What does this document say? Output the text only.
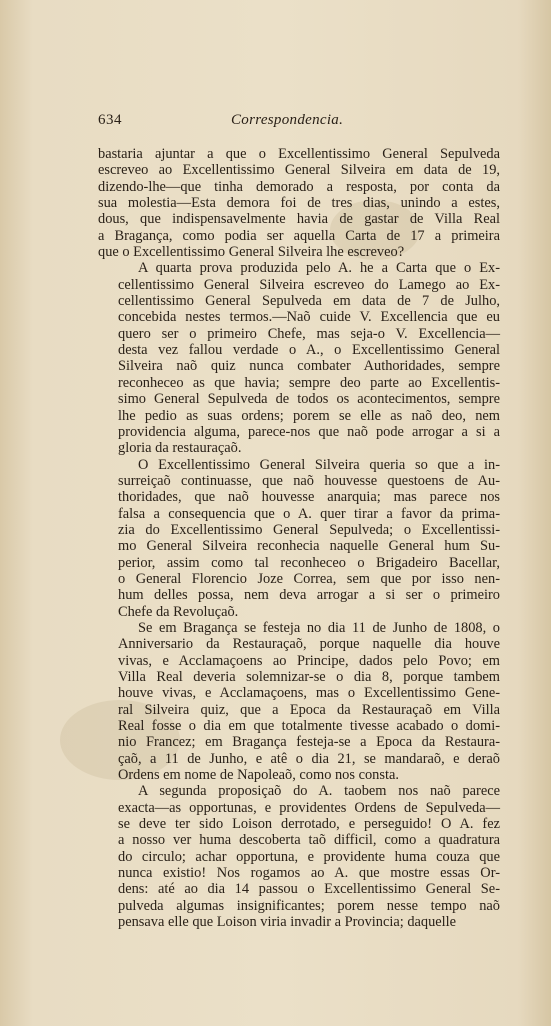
634	Correspondencia.

bastaria ajuntar a que o Excellentissimo General Sepulveda
escreveo ao Excellentissimo General Silveira em data de 19,
dizendo-lhe—que tinha demorado a resposta, por conta da
sua molestia—Esta demora foi de tres dias, unindo a estes,
dous, que indispensavelmente havia de gastar de Villa Real
a Bragança, como podia ser aquella Carta de 17 a primeira
que o Excellentissimo General Silveira lhe escreveo?

A quarta prova produzida pelo A. he a Carta que o Ex-
cellentissimo General Silveira escreveo do Lamego ao Ex-
cellentissimo General Sepulveda em data de 7 de Julho,
concebida nestes termos.—Naõ cuide V. Excellencia que eu
quero ser o primeiro Chefe, mas seja-o V. Excellencia—
desta vez fallou verdade o A., o Excellentissimo General
Silveira naõ quiz nunca combater Authoridades, sempre
reconheceo as que havia; sempre deo parte ao Excellentis-
simo General Sepulveda de todos os acontecimentos, sempre
lhe pedio as suas ordens; porem se elle as naõ deo, nem
providencia alguma, parece-nos que naõ pode arrogar a si a
gloria da restauraçaõ.

O Excellentissimo General Silveira queria so que a in-
surreiçaõ continuasse, que naõ houvesse questoens de Au-
thoridades, que naõ houvesse anarquia; mas parece nos
falsa a consequencia que o A. quer tirar a favor da prima-
zia do Excellentissimo General Sepulveda; o Excellentissi-
mo General Silveira reconhecia naquelle General hum Su-
perior, assim como tal reconheceo o Brigadeiro Bacellar,
o General Florencio Joze Correa, sem que por isso nen-
hum delles possa, nem deva arrogar a si ser o primeiro
Chefe da Revoluçaõ.

Se em Bragança se festeja no dia 11 de Junho de 1808, o
Anniversario da Restauraçaõ, porque naquelle dia houve
vivas, e Acclamaçoens ao Principe, dados pelo Povo; em
Villa Real deveria solemnizar-se o dia 8, porque tambem
houve vivas, e Acclamaçoens, mas o Excellentissimo Gene-
ral Silveira quiz, que a Epoca da Restauraçaõ em Villa
Real fosse o dia em que totalmente tivesse acabado o domi-
nio Francez; em Bragança festeja-se a Epoca da Restaura-
çaõ, a 11 de Junho, e atê o dia 21, se mandaraõ, e deraõ
Ordens em nome de Napoleaõ, como nos consta.

A segunda proposiçaõ do A. taobem nos naõ parece
exacta—as opportunas, e providentes Ordens de Sepulveda—
se deve ter sido Loison derrotado, e perseguido! O A. fez
a nosso ver huma descoberta taõ difficil, como a quadratura
do circulo; achar opportuna, e providente huma couza que
nunca existio! Nos rogamos ao A. que mostre essas Or-
dens: até ao dia 14 passou o Excellentissimo General Se-
pulveda algumas insignificantes; porem nesse tempo naõ
pensava elle que Loison viria invadir a Provincia; daquelle
